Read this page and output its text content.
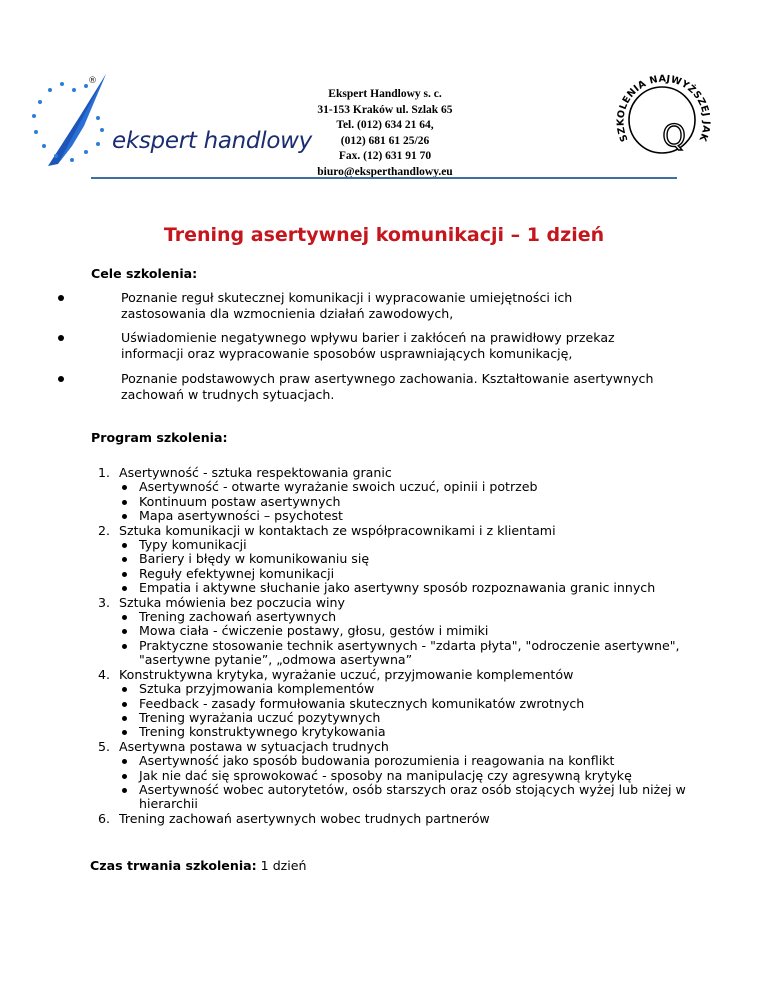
®
ekspert handlowy
Ekspert Handlowy s. c.
31-153 Kraków ul. Szlak 65
Tel. (012) 634 21 64,
(012) 681 61 25/26
Fax. (12) 631 91 70
biuro@eksperthandlowy.eu
SZKOLENIA NAJWYŻSZEJ JAK
Q
Trening asertywnej komunikacji – 1 dzień
Cele szkolenia:
Poznanie reguł skutecznej komunikacji i wypracowanie umiejętności ich
zastosowania dla wzmocnienia działań zawodowych,
Uświadomienie negatywnego wpływu barier i zakłóceń na prawidłowy przekaz
informacji oraz wypracowanie sposobów usprawniających komunikację,
Poznanie podstawowych praw asertywnego zachowania. Kształtowanie asertywnych
zachowań w trudnych sytuacjach.
Program szkolenia:
1. Asertywność - sztuka respektowania granic
Asertywność - otwarte wyrażanie swoich uczuć, opinii i potrzeb
Kontinuum postaw asertywnych
Mapa asertywności – psychotest
2. Sztuka komunikacji w kontaktach ze współpracownikami i z klientami
Typy komunikacji
Bariery i błędy w komunikowaniu się
Reguły efektywnej komunikacji
Empatia i aktywne słuchanie jako asertywny sposób rozpoznawania granic innych
3. Sztuka mówienia bez poczucia winy
Trening zachowań asertywnych
Mowa ciała - ćwiczenie postawy, głosu, gestów i mimiki
Praktyczne stosowanie technik asertywnych - "zdarta płyta", "odroczenie asertywne", "asertywne pytanie”, „odmowa asertywna”
4. Konstruktywna krytyka, wyrażanie uczuć, przyjmowanie komplementów
Sztuka przyjmowania komplementów
Feedback - zasady formułowania skutecznych komunikatów zwrotnych
Trening wyrażania uczuć pozytywnych
Trening konstruktywnego krytykowania
5. Asertywna postawa w sytuacjach trudnych
Asertywność jako sposób budowania porozumienia i reagowania na konflikt
Jak nie dać się sprowokować - sposoby na manipulację czy agresywną krytykę
Asertywność wobec autorytetów, osób starszych oraz osób stojących wyżej lub niżej w hierarchii
6. Trening zachowań asertywnych wobec trudnych partnerów
Czas trwania szkolenia: 1 dzień
